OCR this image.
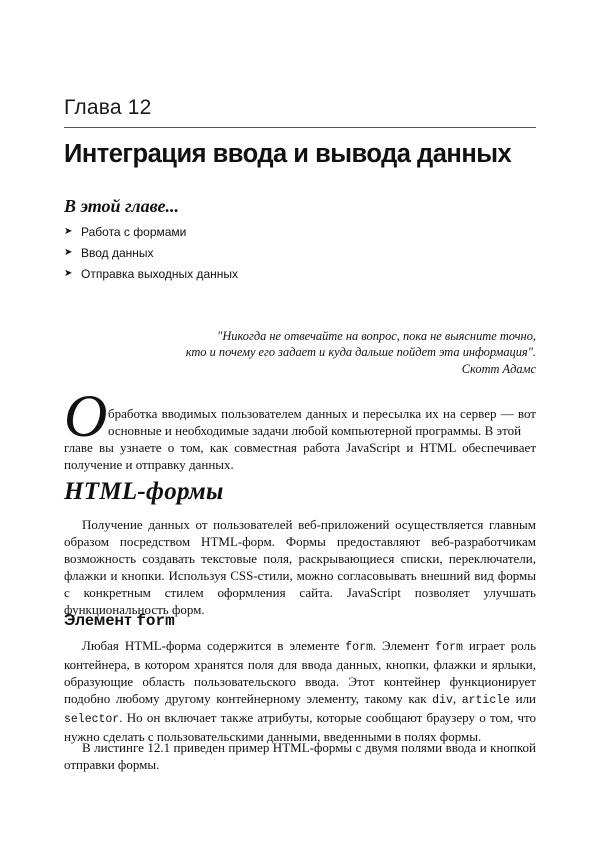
Глава 12
Интеграция ввода и вывода данных
В этой главе...
➤ Работа с формами
➤ Ввод данных
➤ Отправка выходных данных
"Никогда не отвечайте на вопрос, пока не выясните точно,
кто и почему его задает и куда дальше пойдет эта информация".
Скотт Адамс
О бработка вводимых пользователем данных и пересылка их на сервер — вот основные и необходимые задачи любой компьютерной программы. В этой
главе вы узнаете о том, как совместная работа JavaScript и HTML обеспечивает получение и отправку данных.
HTML-формы
Получение данных от пользователей веб-приложений осуществляется главным образом посредством HTML-форм. Формы предоставляют веб-разработчикам возможность создавать текстовые поля, раскрывающиеся списки, переключатели, флажки и кнопки. Используя CSS-стили, можно согласовывать внешний вид формы с конкретным стилем оформления сайта. JavaScript позволяет улучшать функциональность форм.
Элемент form
Любая HTML-форма содержится в элементе form. Элемент form играет роль контейнера, в котором хранятся поля для ввода данных, кнопки, флажки и ярлыки, образующие область пользовательского ввода. Этот контейнер функционирует подобно любому другому контейнерному элементу, такому как div, article или selector. Но он включает также атрибуты, которые сообщают браузеру о том, что нужно сделать с пользовательскими данными, введенными в полях формы.
В листинге 12.1 приведен пример HTML-формы с двумя полями ввода и кнопкой отправки формы.
